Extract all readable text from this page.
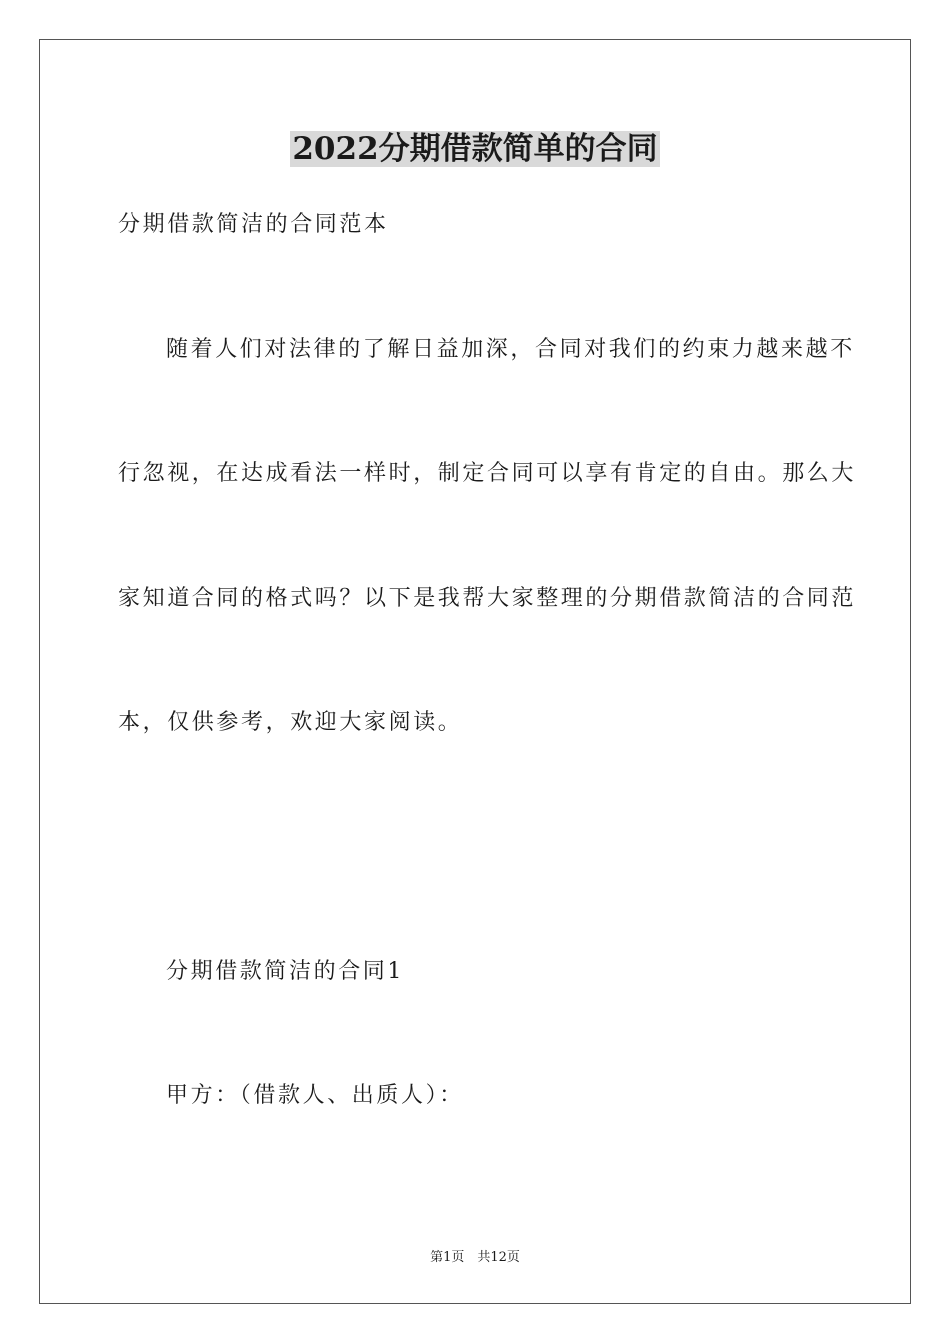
2022分期借款简单的合同
分期借款简洁的合同范本
随着人们对法律的了解日益加深，合同对我们的约束力越来越不
行忽视，在达成看法一样时，制定合同可以享有肯定的自由。那么大
家知道合同的格式吗？以下是我帮大家整理的分期借款简洁的合同范
本，仅供参考，欢迎大家阅读。
分期借款简洁的合同1
甲方：（借款人、出质人）：
第1页　共12页
